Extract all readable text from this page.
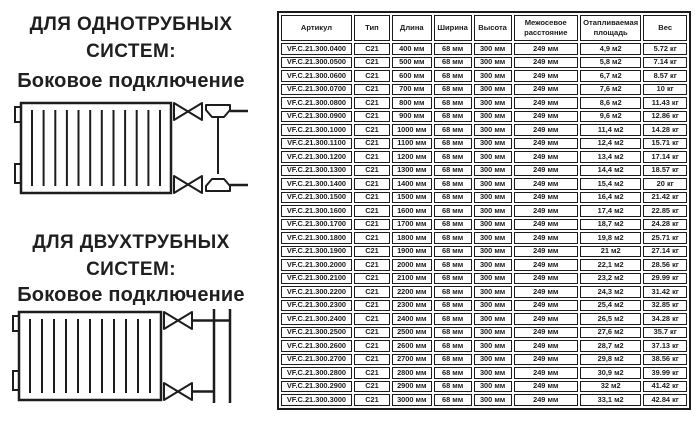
ДЛЯ ОДНОТРУБНЫХ
СИСТЕМ:
Боковое подключение
ДЛЯ ДВУХТРУБНЫХ
СИСТЕМ:
Боковое подключение
Артикул	Тип	Длина	Ширина	Высота	Межосевое расстояние	Отапливаемая площадь	Вес
VF.C.21.300.0400	C21	400 мм	68 мм	300 мм	249 мм	4,9 м2	5.72 кг
VF.C.21.300.0500	C21	500 мм	68 мм	300 мм	249 мм	5,8 м2	7.14 кг
VF.C.21.300.0600	C21	600 мм	68 мм	300 мм	249 мм	6,7 м2	8.57 кг
VF.C.21.300.0700	C21	700 мм	68 мм	300 мм	249 мм	7,6 м2	10 кг
VF.C.21.300.0800	C21	800 мм	68 мм	300 мм	249 мм	8,6 м2	11.43 кг
VF.C.21.300.0900	C21	900 мм	68 мм	300 мм	249 мм	9,6 м2	12.86 кг
VF.C.21.300.1000	C21	1000 мм	68 мм	300 мм	249 мм	11,4 м2	14.28 кг
VF.C.21.300.1100	C21	1100 мм	68 мм	300 мм	249 мм	12,4 м2	15.71 кг
VF.C.21.300.1200	C21	1200 мм	68 мм	300 мм	249 мм	13,4 м2	17.14 кг
VF.C.21.300.1300	C21	1300 мм	68 мм	300 мм	249 мм	14,4 м2	18.57 кг
VF.C.21.300.1400	C21	1400 мм	68 мм	300 мм	249 мм	15,4 м2	20 кг
VF.C.21.300.1500	C21	1500 мм	68 мм	300 мм	249 мм	16,4 м2	21.42 кг
VF.C.21.300.1600	C21	1600 мм	68 мм	300 мм	249 мм	17,4 м2	22.85 кг
VF.C.21.300.1700	C21	1700 мм	68 мм	300 мм	249 мм	18,7 м2	24.28 кг
VF.C.21.300.1800	C21	1800 мм	68 мм	300 мм	249 мм	19,8 м2	25.71 кг
VF.C.21.300.1900	C21	1900 мм	68 мм	300 мм	249 мм	21 м2	27.14 кг
VF.C.21.300.2000	C21	2000 мм	68 мм	300 мм	249 мм	22,1 м2	28.56 кг
VF.C.21.300.2100	C21	2100 мм	68 мм	300 мм	249 мм	23,2 м2	29.99 кг
VF.C.21.300.2200	C21	2200 мм	68 мм	300 мм	249 мм	24,3 м2	31.42 кг
VF.C.21.300.2300	C21	2300 мм	68 мм	300 мм	249 мм	25,4 м2	32.85 кг
VF.C.21.300.2400	C21	2400 мм	68 мм	300 мм	249 мм	26,5 м2	34.28 кг
VF.C.21.300.2500	C21	2500 мм	68 мм	300 мм	249 мм	27,6 м2	35.7 кг
VF.C.21.300.2600	C21	2600 мм	68 мм	300 мм	249 мм	28,7 м2	37.13 кг
VF.C.21.300.2700	C21	2700 мм	68 мм	300 мм	249 мм	29,8 м2	38.56 кг
VF.C.21.300.2800	C21	2800 мм	68 мм	300 мм	249 мм	30,9 м2	39.99 кг
VF.C.21.300.2900	C21	2900 мм	68 мм	300 мм	249 мм	32 м2	41.42 кг
VF.C.21.300.3000	C21	3000 мм	68 мм	300 мм	249 мм	33,1 м2	42.84 кг
